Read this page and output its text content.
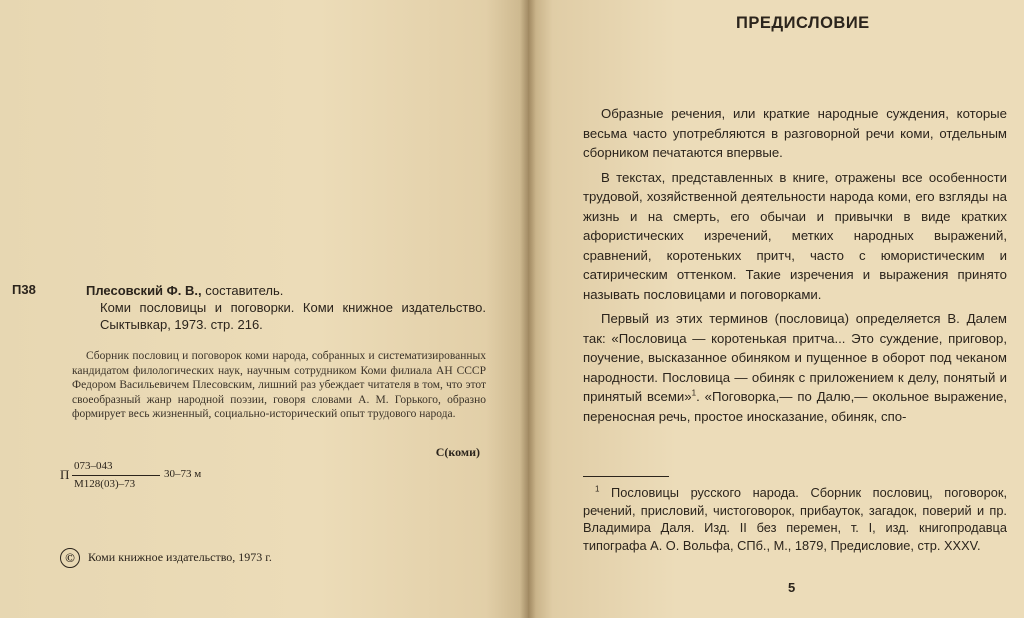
П38	Плесовский Ф. В., составитель.
Коми пословицы и поговорки. Коми книжное издательство. Сыктывкар, 1973. стр. 216.
Сборник пословиц и поговорок коми народа, собранных и систематизированных кандидатом филологических наук, научным сотрудником Коми филиала АН СССР Федором Васильевичем Плесовским, лишний раз убеждает читателя в том, что этот своеобразный жанр народной поэзии, говоря словами А. М. Горького, образно формирует весь жизненный, социально-исторический опыт трудового народа.
С(коми)
П
073–043
30–73 м
М128(03)–73
© Коми книжное издательство, 1973 г.
ПРЕДИСЛОВИЕ

Образные речения, или краткие народные суждения, которые весьма часто употребляются в разговорной речи коми, отдельным сборником печатаются впервые.

В текстах, представленных в книге, отражены все особенности трудовой, хозяйственной деятельности народа коми, его взгляды на жизнь и на смерть, его обычаи и привычки в виде кратких афористических изречений, метких народных выражений, сравнений, коротеньких притч, часто с юмористическим и сатирическим оттенком. Такие изречения и выражения принято называть пословицами и поговорками.

Первый из этих терминов (пословица) определяется В. Далем так: «Пословица — коротенькая притча... Это суждение, приговор, поучение, высказанное обиняком и пущенное в оборот под чеканом народности. Пословица — обиняк с приложением к делу, понятый и принятый всеми»$^1$. «Поговорка,— по Далю,— окольное выражение, переносная речь, простое иносказание, обиняк, спо-

$^1$ Пословицы русского народа. Сборник пословиц, поговорок, речений, присловий, чистоговорок, прибауток, загадок, поверий и пр. Владимира Даля. Изд. II без перемен, т. I, изд. книгопродавца типографа А. О. Вольфа, СПб., М., 1879, Предисловие, стр. XXXV.
5
